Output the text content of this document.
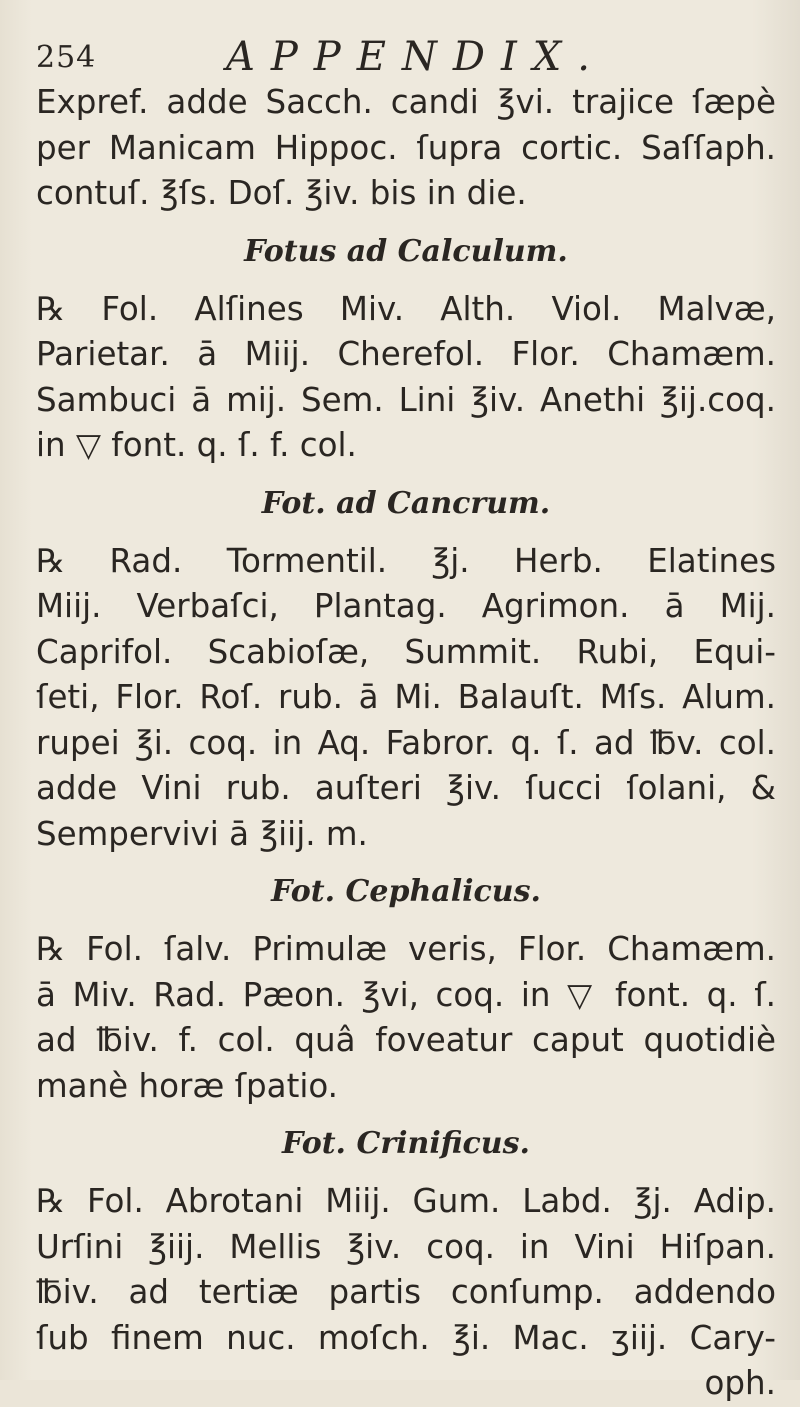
254	APPENDIX.
Expref. adde Sacch. candi ℥vi. trajice ſæpè
per Manicam Hippoc. ſupra cortic. Saſſaph.
contuſ. ℥ſs. Doſ. ℥iv. bis in die.
Fotus ad Calculum.
℞ Fol. Alſines Miv. Alth. Viol. Malvæ,
Parietar. ā Miij. Cherefol. Flor. Chamæm.
Sambuci ā mij. Sem. Lini ℥iv. Anethi ℥ij.coq.
in ▽ font. q. ſ. f. col.
Fot. ad Cancrum.
℞ Rad. Tormentil. ℥j. Herb. Elatines
Miij. Verbaſci, Plantag. Agrimon. ā Mij.
Caprifol. Scabioſæ, Summit. Rubi, Equi-
ſeti, Flor. Roſ. rub. ā Mi. Balauſt. Mſs. Alum.
rupei ℥i. coq. in Aq. Fabror. q. ſ. ad ℔v. col.
adde Vini rub. auſteri ℥iv. ſucci ſolani, &
Sempervivi ā ℥iij. m.
Fot. Cephalicus.
℞ Fol. ſalv. Primulæ veris, Flor. Chamæm.
ā Miv. Rad. Pæon. ℥vi, coq. in ▽ font. q. ſ.
ad ℔iv. f. col. quâ foveatur caput quotidiè
manè horæ ſpatio.
Fot. Crinificus.
℞ Fol. Abrotani Miij. Gum. Labd. ℥j. Adip.
Urſini ℥iij. Mellis ℥iv. coq. in Vini Hiſpan.
℔iv. ad tertiæ partis conſump. addendo
ſub finem nuc. moſch. ℥i. Mac. ʒiij. Cary-
oph.
